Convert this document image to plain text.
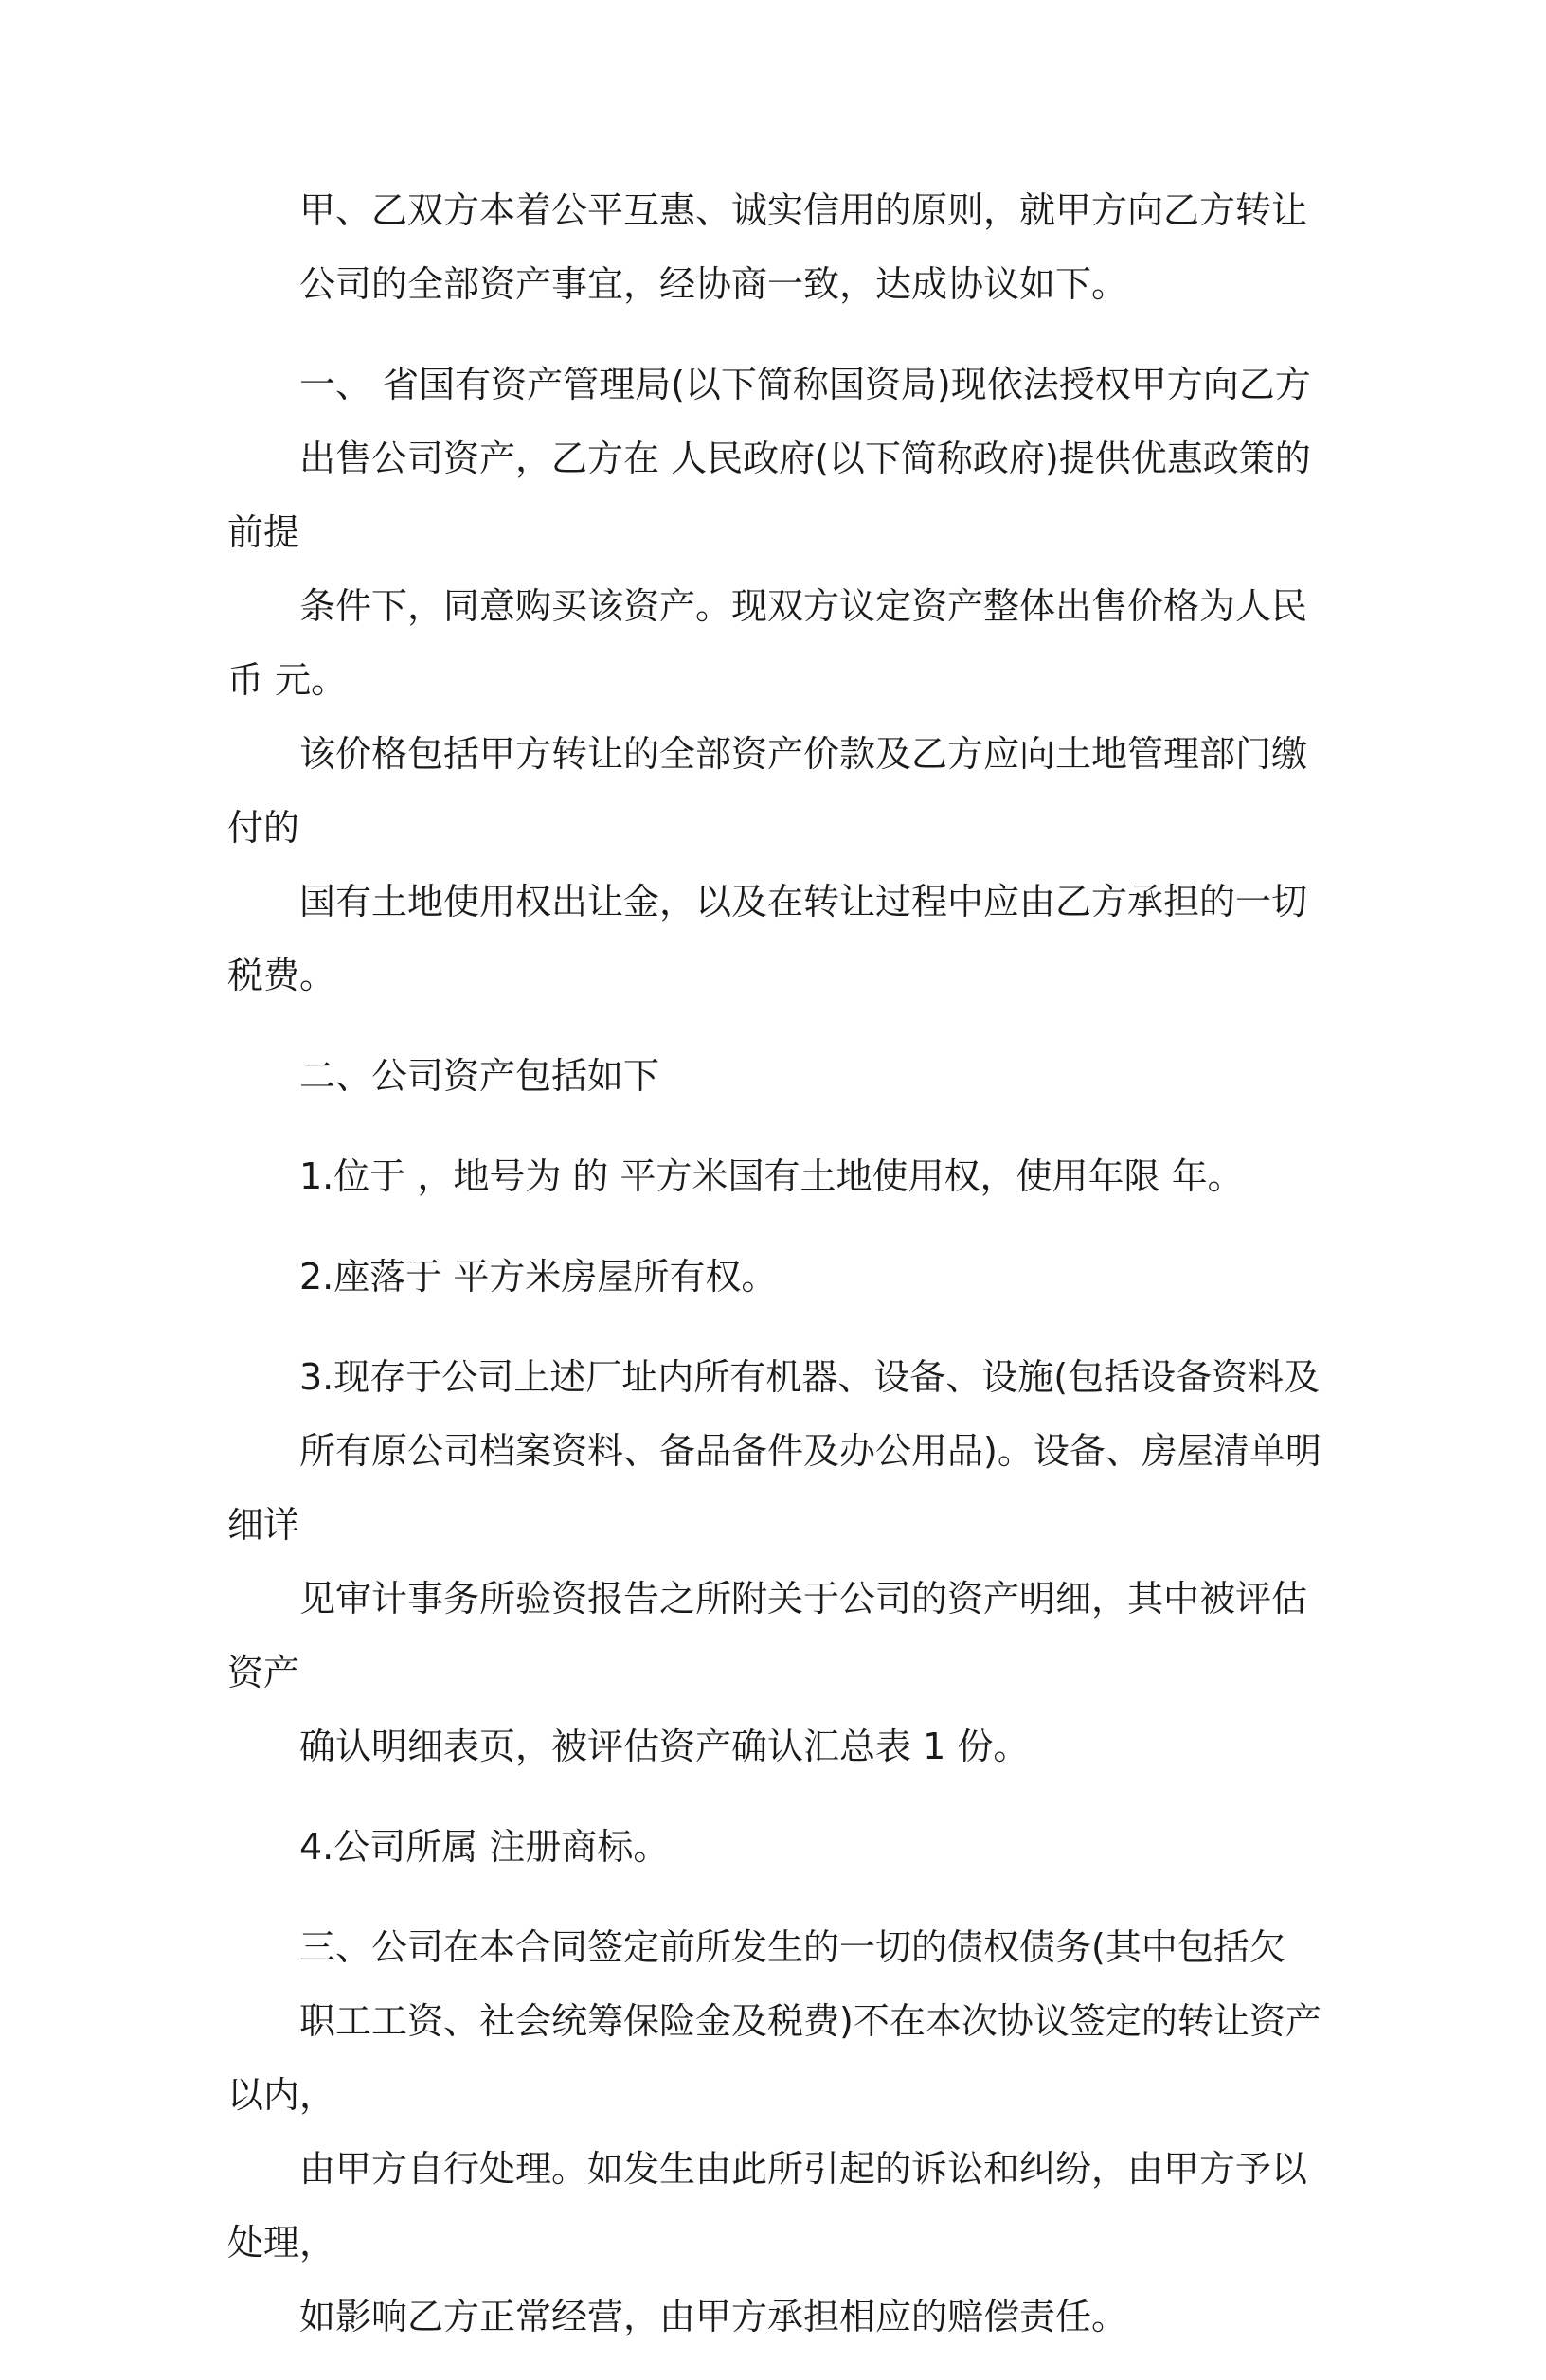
甲、乙双方本着公平互惠、诚实信用的原则，就甲方向乙方转让
公司的全部资产事宜，经协商一致，达成协议如下。

一、 省国有资产管理局(以下简称国资局)现依法授权甲方向乙方
出售公司资产，乙方在 人民政府(以下简称政府)提供优惠政策的前提
条件下，同意购买该资产。现双方议定资产整体出售价格为人民币 元。
该价格包括甲方转让的全部资产价款及乙方应向土地管理部门缴付的
国有土地使用权出让金，以及在转让过程中应由乙方承担的一切税费。

二、公司资产包括如下

1.位于 ，地号为 的 平方米国有土地使用权，使用年限 年。

2.座落于 平方米房屋所有权。

3.现存于公司上述厂址内所有机器、设备、设施(包括设备资料及
所有原公司档案资料、备品备件及办公用品)。设备、房屋清单明细详
见审计事务所验资报告之所附关于公司的资产明细，其中被评估资产
确认明细表页，被评估资产确认汇总表 1 份。

4.公司所属 注册商标。

三、公司在本合同签定前所发生的一切的债权债务(其中包括欠
职工工资、社会统筹保险金及税费)不在本次协议签定的转让资产以内，
由甲方自行处理。如发生由此所引起的诉讼和纠纷，由甲方予以处理，
如影响乙方正常经营，由甲方承担相应的赔偿责任。
